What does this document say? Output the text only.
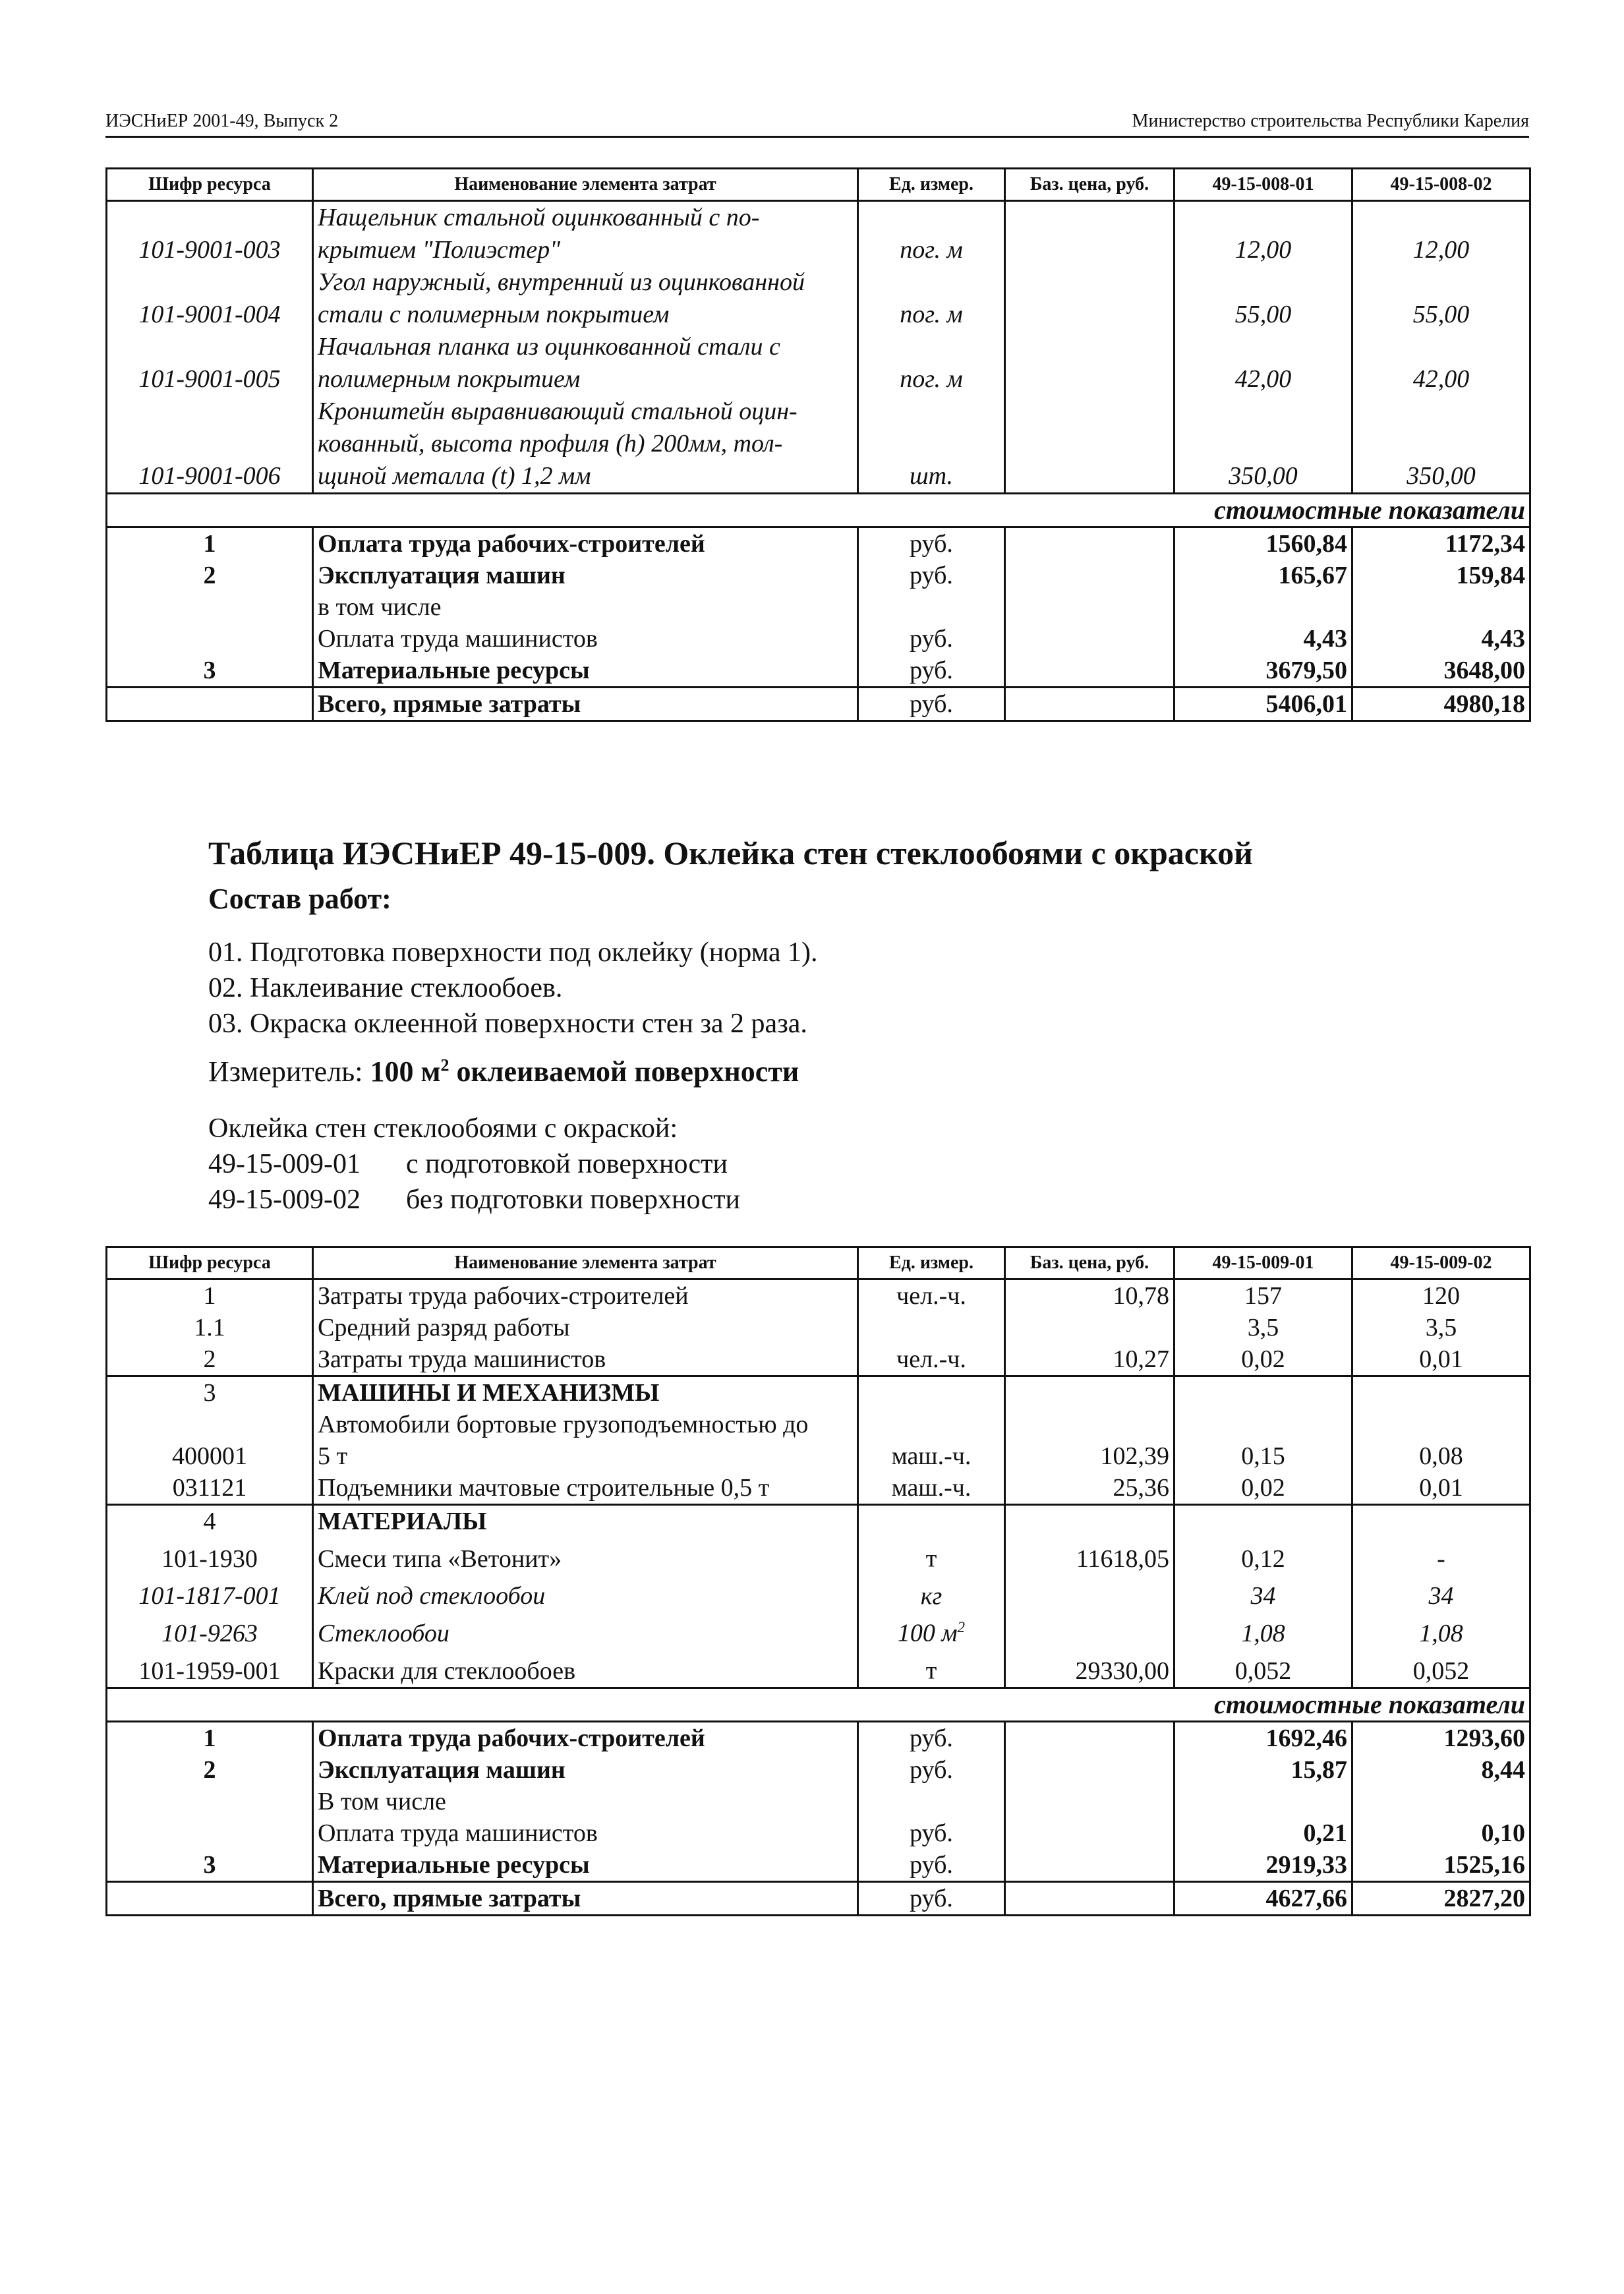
ИЭСНиЕР 2001-49, Выпуск 2	Министерство строительства Республики Карелия
Шифр ресурса	Наименование элемента затрат	Ед. измер.	Баз. цена, руб.	49-15-008-01	49-15-008-02
101-9001-003	Нащельник стальной оцинкованный с по-
крытием "Полиэстер"	пог. м		12,00	12,00
101-9001-004	Угол наружный, внутренний из оцинкованной
стали с полимерным покрытием	пог. м		55,00	55,00
101-9001-005	Начальная планка из оцинкованной стали с
полимерным покрытием	пог. м		42,00	42,00
101-9001-006	Кронштейн выравнивающий стальной оцин-
кованный, высота профиля (h) 200мм, тол-
щиной металла (t) 1,2 мм	шт.		350,00	350,00
стоимостные показатели					
1	Оплата труда рабочих-строителей	руб.		1560,84	1172,34
2	Эксплуатация машин	руб.		165,67	159,84
	в том числе				
	Оплата труда машинистов	руб.		4,43	4,43
3	Материальные ресурсы	руб.		3679,50	3648,00
	Всего, прямые затраты	руб.		5406,01	4980,18
Таблица ИЭСНиЕР 49-15-009. Оклейка стен стеклообоями с окраской
Состав работ:
01. Подготовка поверхности под оклейку (норма 1).
02. Наклеивание стеклообоев.
03. Окраска оклеенной поверхности стен за 2 раза.
Измеритель: 100 $м^2$ оклеиваемой поверхности
Оклейка стен стеклообоями с окраской:
49-15-009-01	с подготовкой поверхности
49-15-009-02	без подготовки поверхности
Шифр ресурса	Наименование элемента затрат	Ед. измер.	Баз. цена, руб.	49-15-009-01	49-15-009-02
1	Затраты труда рабочих-строителей	чел.-ч.	10,78	157	120
1.1	Средний разряд работы			3,5	3,5
2	Затраты труда машинистов	чел.-ч.	10,27	0,02	0,01
3	МАШИНЫ И МЕХАНИЗМЫ				
400001	Автомобили бортовые грузоподъемностью до
5 т	маш.-ч.	102,39	0,15	0,08
031121	Подъемники мачтовые строительные 0,5 т	маш.-ч.	25,36	0,02	0,01
4	МАТЕРИАЛЫ				
101-1930	Смеси типа «Ветонит»	т	11618,05	0,12	-
101-1817-001	Клей под стеклообои	кг		34	34
101-9263	Стеклообои	100 $м^2$		1,08	1,08
101-1959-001	Краски для стеклообоев	т	29330,00	0,052	0,052
стоимостные показатели					
1	Оплата труда рабочих-строителей	руб.		1692,46	1293,60
2	Эксплуатация машин	руб.		15,87	8,44
	В том числе				
	Оплата труда машинистов	руб.		0,21	0,10
3	Материальные ресурсы	руб.		2919,33	1525,16
	Всего, прямые затраты	руб.		4627,66	2827,20
